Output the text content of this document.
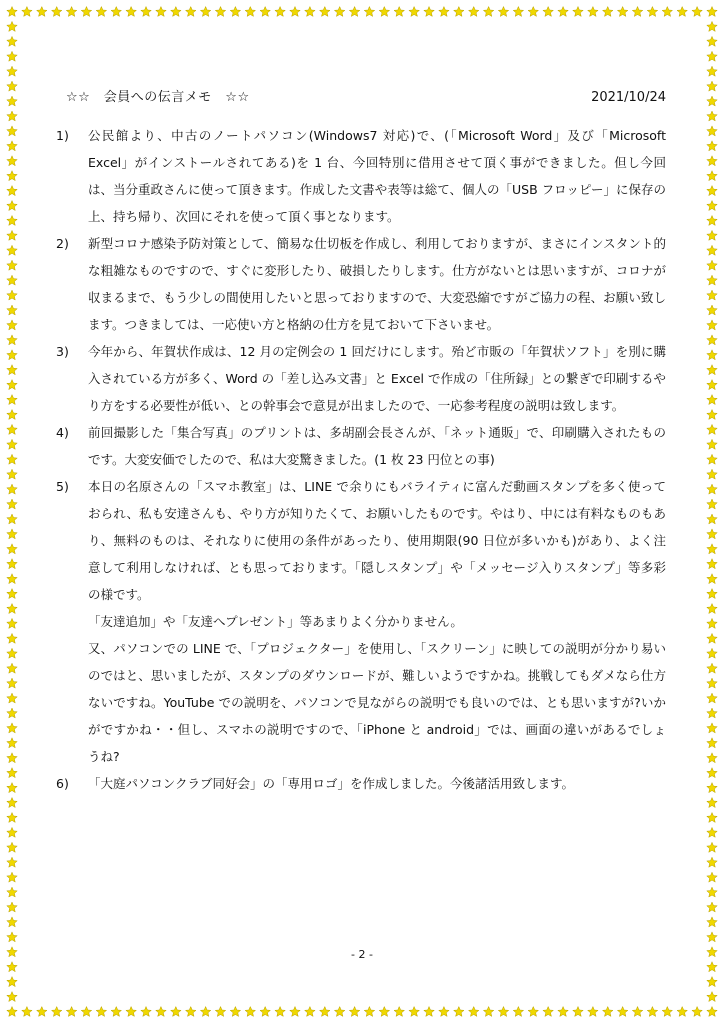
☆☆　会員への伝言メモ　☆☆	2021/10/24
1)	公民館より、中古のノートパソコン(Windows7 対応)で、(「Microsoft Word」及び「Microsoft Excel」がインストールされてある)を 1 台、今回特別に借用させて頂く事ができました。但し今回は、当分重政さんに使って頂きます。作成した文書や表等は総て、個人の「USB フロッピー」に保存の上、持ち帰り、次回にそれを使って頂く事となります。
2)	新型コロナ感染予防対策として、簡易な仕切板を作成し、利用しておりますが、まさにインスタント的な粗雑なものですので、すぐに変形したり、破損したりします。仕方がないとは思いますが、コロナが収まるまで、もう少しの間使用したいと思っておりますので、大変恐縮ですがご協力の程、お願い致します。つきましては、一応使い方と格納の仕方を見ておいて下さいませ。
3)	今年から、年賀状作成は、12 月の定例会の 1 回だけにします。殆ど市販の「年賀状ソフト」を別に購入されている方が多く、Word の「差し込み文書」と Excel で作成の「住所録」との繋ぎで印刷するやり方をする必要性が低い、との幹事会で意見が出ましたので、一応参考程度の説明は致します。
4)	前回撮影した「集合写真」のプリントは、多胡副会長さんが、「ネット通販」で、印刷購入されたものです。大変安価でしたので、私は大変驚きました。(1 枚 23 円位との事)
5)	本日の名原さんの「スマホ教室」は、LINE で余りにもバライティに富んだ動画スタンプを多く使っておられ、私も安達さんも、やり方が知りたくて、お願いしたものです。やはり、中には有料なものもあり、無料のものは、それなりに使用の条件があったり、使用期限(90 日位が多いかも)があり、よく注意して利用しなければ、とも思っております。「隠しスタンプ」や「メッセージ入りスタンプ」等多彩の様です。
「友達追加」や「友達へプレゼント」等あまりよく分かりません。
又、パソコンでの LINE で、「プロジェクター」を使用し、「スクリーン」に映しての説明が分かり易いのではと、思いましたが、スタンプのダウンロードが、難しいようですかね。挑戦してもダメなら仕方ないですね。YouTube での説明を、パソコンで見ながらの説明でも良いのでは、とも思いますが?いかがですかね・・但し、スマホの説明ですので、「iPhone と android」では、画面の違いがあるでしょうね?
6)	「大庭パソコンクラブ同好会」の「専用ロゴ」を作成しました。今後諸活用致します。
- 2 -
